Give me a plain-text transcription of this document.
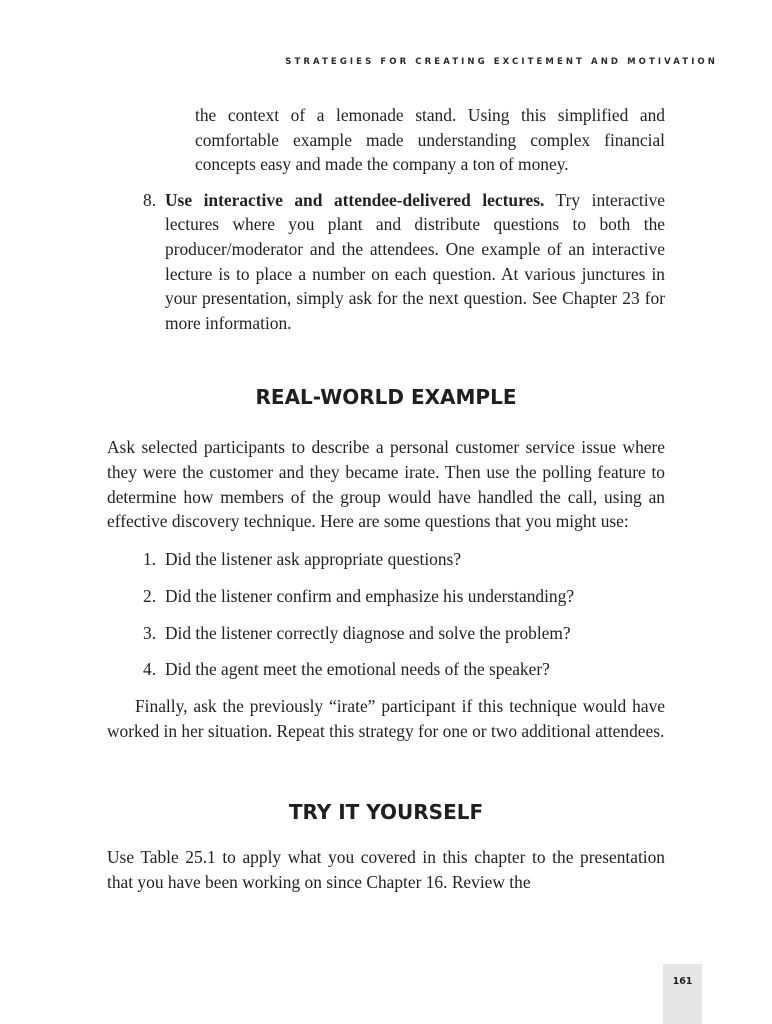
STRATEGIES FOR CREATING EXCITEMENT AND MOTIVATION

the context of a lemonade stand. Using this simplified and comfortable example made understanding complex financial concepts easy and made the company a ton of money.

8. Use interactive and attendee-delivered lectures. Try interactive lectures where you plant and distribute questions to both the producer/moderator and the attendees. One example of an interactive lecture is to place a number on each question. At various junctures in your presentation, simply ask for the next question. See Chapter 23 for more information.

REAL-WORLD EXAMPLE

Ask selected participants to describe a personal customer service issue where they were the customer and they became irate. Then use the polling feature to determine how members of the group would have handled the call, using an effective discovery technique. Here are some questions that you might use:

1. Did the listener ask appropriate questions?
2. Did the listener confirm and emphasize his understanding?
3. Did the listener correctly diagnose and solve the problem?
4. Did the agent meet the emotional needs of the speaker?

Finally, ask the previously “irate” participant if this technique would have worked in her situation. Repeat this strategy for one or two additional attendees.

TRY IT YOURSELF

Use Table 25.1 to apply what you covered in this chapter to the presentation that you have been working on since Chapter 16. Review the

161
